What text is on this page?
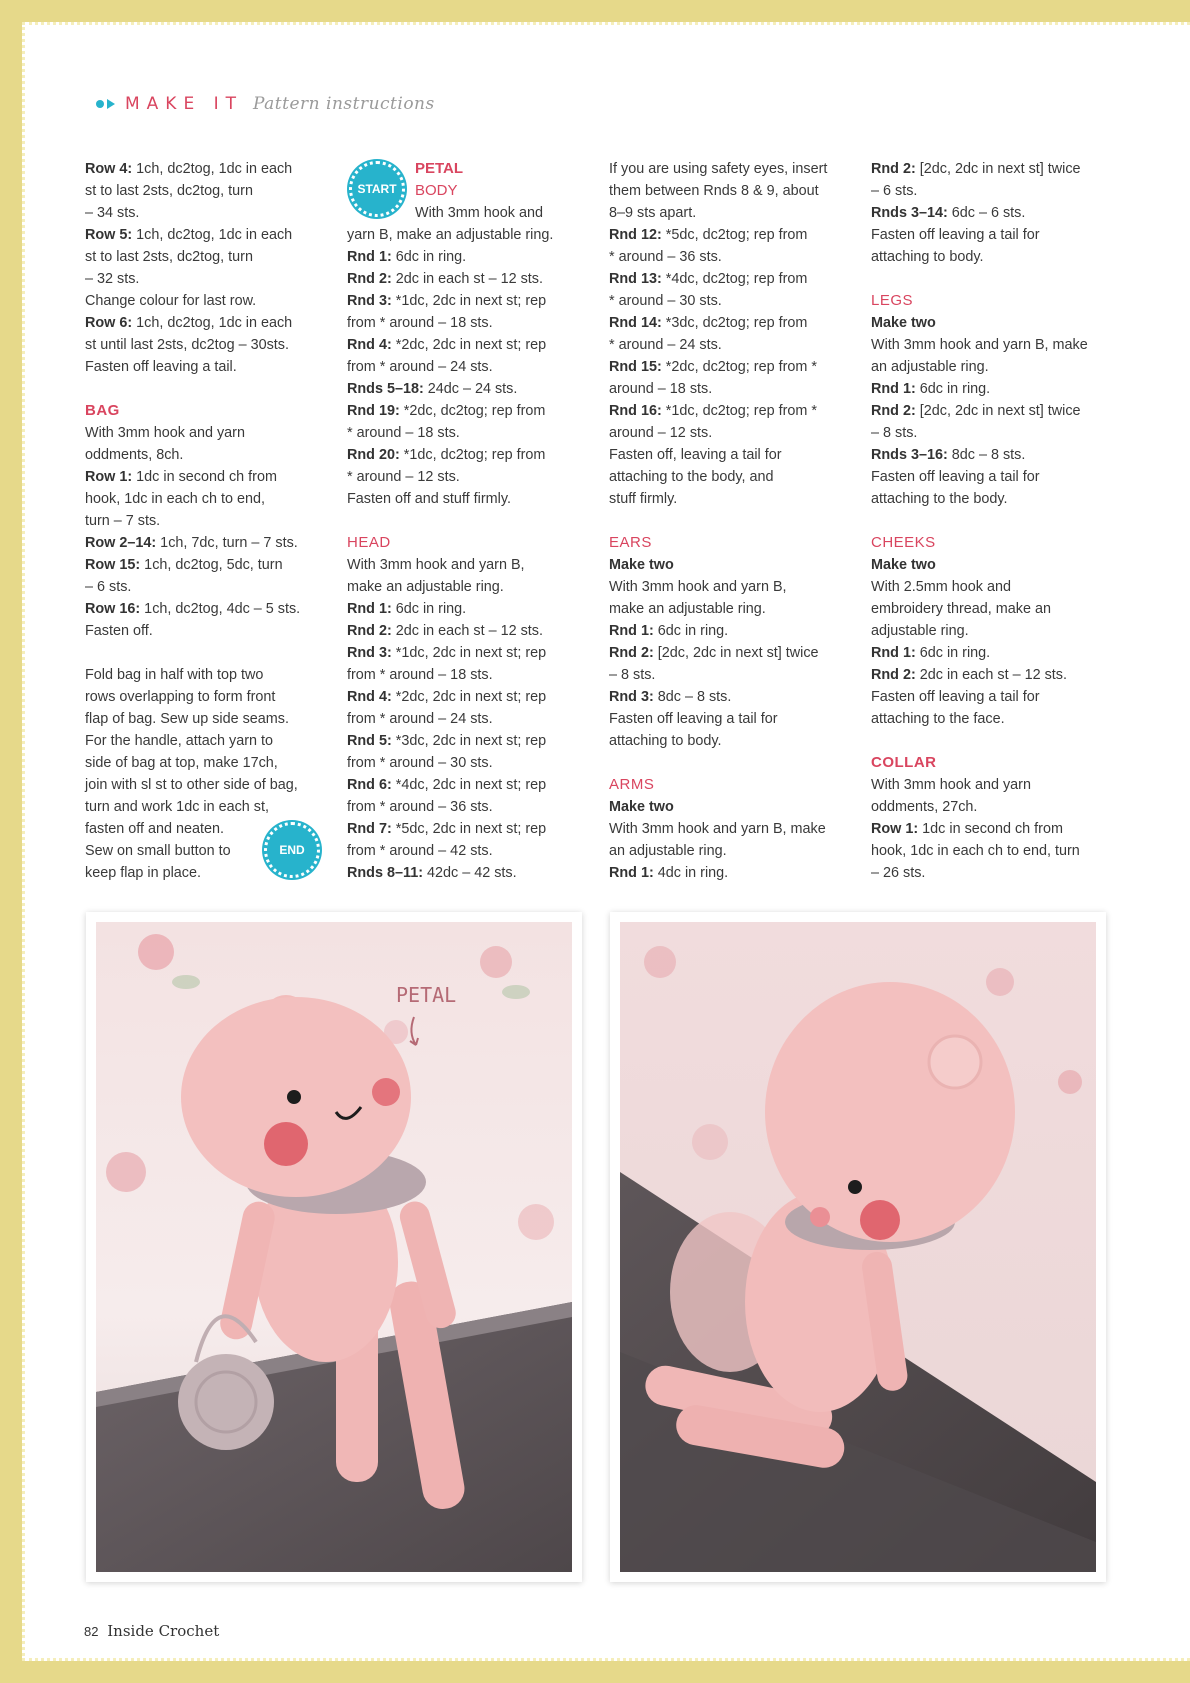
MAKE IT Pattern instructions

Row 4: 1ch, dc2tog, 1dc in each
st to last 2sts, dc2tog, turn
– 34 sts.

Row 5: 1ch, dc2tog, 1dc in each
st to last 2sts, dc2tog, turn
– 32 sts.
Change colour for last row.

Row 6: 1ch, dc2tog, 1dc in each
st until last 2sts, dc2tog – 30sts.
Fasten off leaving a tail.

BAG

With 3mm hook and yarn
oddments, 8ch.

Row 1: 1dc in second ch from
hook, 1dc in each ch to end,
turn – 7 sts.

Row 2–14: 1ch, 7dc, turn – 7 sts.

Row 15: 1ch, dc2tog, 5dc, turn
– 6 sts.

Row 16: 1ch, dc2tog, 4dc – 5 sts.
Fasten off.

Fold bag in half with top two
rows overlapping to form front
flap of bag. Sew up side seams.
For the handle, attach yarn to
side of bag at top, make 17ch,
join with sl st to other side of bag,
turn and work 1dc in each st,
fasten off and neaten.
Sew on small button to
keep flap in place.

END
START
PETAL
BODY

With 3mm hook and
yarn B, make an adjustable ring.

Rnd 1: 6dc in ring.

Rnd 2: 2dc in each st – 12 sts.

Rnd 3: *1dc, 2dc in next st; rep
from * around – 18 sts.

Rnd 4: *2dc, 2dc in next st; rep
from * around – 24 sts.

Rnds 5–18: 24dc – 24 sts.

Rnd 19: *2dc, dc2tog; rep from
* around – 18 sts.

Rnd 20: *1dc, dc2tog; rep from
* around – 12 sts.
Fasten off and stuff firmly.

HEAD

With 3mm hook and yarn B,
make an adjustable ring.

Rnd 1: 6dc in ring.

Rnd 2: 2dc in each st – 12 sts.

Rnd 3: *1dc, 2dc in next st; rep
from * around – 18 sts.

Rnd 4: *2dc, 2dc in next st; rep
from * around – 24 sts.

Rnd 5: *3dc, 2dc in next st; rep
from * around – 30 sts.

Rnd 6: *4dc, 2dc in next st; rep
from * around – 36 sts.

Rnd 7: *5dc, 2dc in next st; rep
from * around – 42 sts.

Rnds 8–11: 42dc – 42 sts.

If you are using safety eyes, insert
them between Rnds 8 & 9, about
8–9 sts apart.

Rnd 12: *5dc, dc2tog; rep from
* around – 36 sts.

Rnd 13: *4dc, dc2tog; rep from
* around – 30 sts.

Rnd 14: *3dc, dc2tog; rep from
* around – 24 sts.

Rnd 15: *2dc, dc2tog; rep from *
around – 18 sts.

Rnd 16: *1dc, dc2tog; rep from *
around – 12 sts.
Fasten off, leaving a tail for
attaching to the body, and
stuff firmly.

EARS
Make two

With 3mm hook and yarn B,
make an adjustable ring.

Rnd 1: 6dc in ring.

Rnd 2: [2dc, 2dc in next st] twice
– 8 sts.

Rnd 3: 8dc – 8 sts.
Fasten off leaving a tail for
attaching to body.

ARMS
Make two

With 3mm hook and yarn B, make
an adjustable ring.

Rnd 1: 4dc in ring.

Rnd 2: [2dc, 2dc in next st] twice
– 6 sts.

Rnds 3–14: 6dc – 6 sts.
Fasten off leaving a tail for
attaching to body.

LEGS
Make two

With 3mm hook and yarn B, make
an adjustable ring.

Rnd 1: 6dc in ring.

Rnd 2: [2dc, 2dc in next st] twice
– 8 sts.

Rnds 3–16: 8dc – 8 sts.
Fasten off leaving a tail for
attaching to the body.

CHEEKS
Make two

With 2.5mm hook and
embroidery thread, make an
adjustable ring.

Rnd 1: 6dc in ring.

Rnd 2: 2dc in each st – 12 sts.
Fasten off leaving a tail for
attaching to the face.

COLLAR

With 3mm hook and yarn
oddments, 27ch.

Row 1: 1dc in second ch from
hook, 1dc in each ch to end, turn
– 26 sts.

PETAL
82 Inside Crochet
